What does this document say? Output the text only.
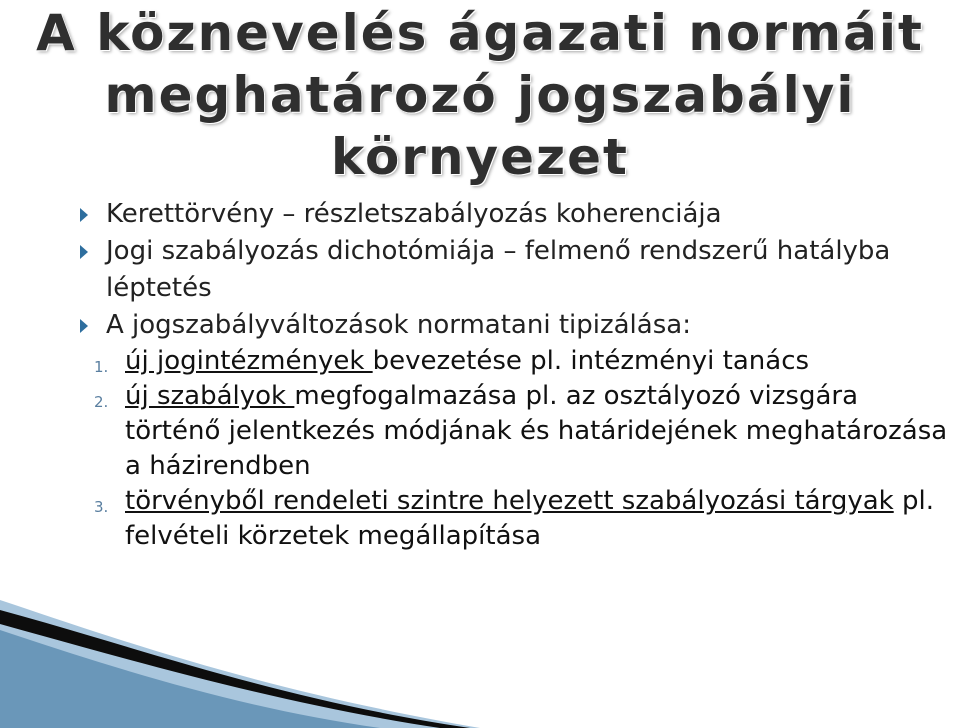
A köznevelés ágazati normáit
meghatározó jogszabályi
környezet
Kerettörvény – részletszabályozás koherenciája
Jogi szabályozás dichotómiája – felmenő rendszerű hatályba léptetés
A jogszabályváltozások normatani tipizálása:
1. új jogintézmények bevezetése pl. intézményi tanács
2. új szabályok megfogalmazása pl. az osztályozó vizsgára történő jelentkezés módjának és határidejének meghatározása a házirendben
3. törvényből rendeleti szintre helyezett szabályozási tárgyak pl. felvételi körzetek megállapítása
